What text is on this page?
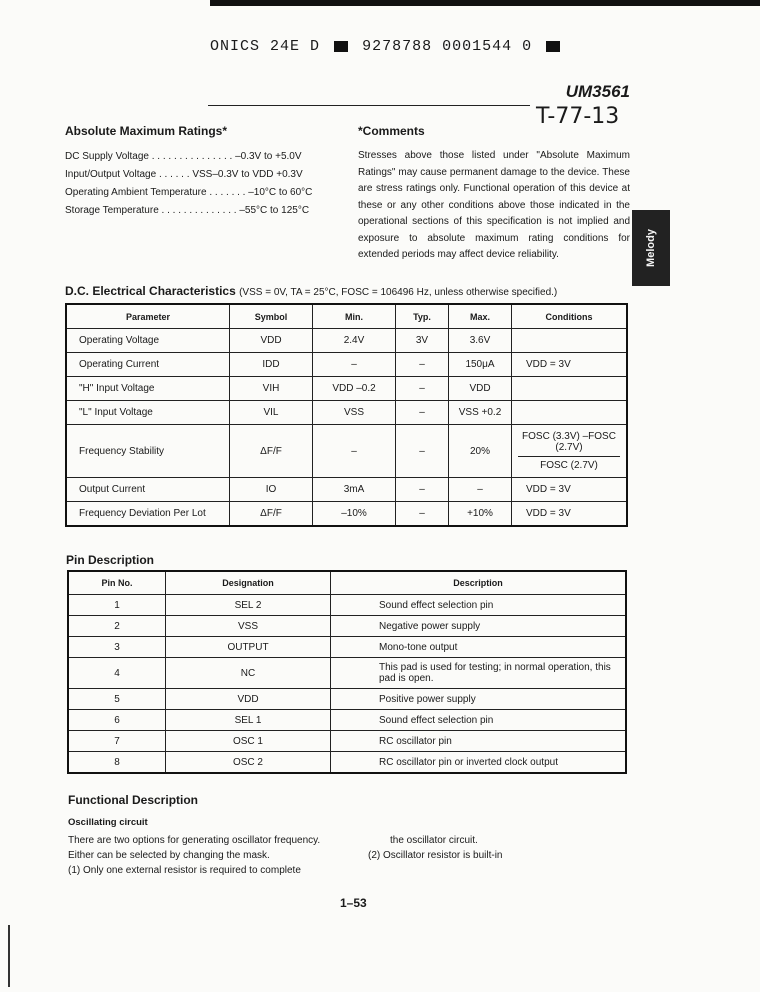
ONICS 24E D	9278788 0001544 0
UM3561
T-77-13
Absolute Maximum Ratings*	*Comments
DC Supply Voltage . . . . . . . . . . . . . . . –0.3V to +5.0V
Input/Output Voltage . . . . . . VSS–0.3V to VDD +0.3V
Operating Ambient Temperature . . . . . . . –10°C to 60°C
Storage Temperature . . . . . . . . . . . . . . –55°C to 125°C
Stresses above those listed under "Absolute Maximum Ratings" may cause permanent damage to the device. These are stress ratings only. Functional operation of this device at these or any other conditions above those indicated in the operational sections of this specification is not implied and exposure to absolute maximum rating conditions for extended periods may affect device reliability.	Melody
D.C. Electrical Characteristics (VSS = 0V, TA = 25°C, FOSC = 106496 Hz, unless otherwise specified.)
Parameter	Symbol	Min.	Typ.	Max.	Conditions
Operating Voltage	VDD	2.4V	3V	3.6V	
Operating Current	IDD	–	–	150μA	VDD = 3V
"H" Input Voltage	VIH	VDD –0.2	–	VDD	
"L" Input Voltage	VIL	VSS	–	VSS +0.2	
Frequency Stability	ΔF/F	–	–	20%	$\frac{\text{FOSC (3.3V) –FOSC (2.7V)}}{\text{FOSC (2.7V)}}$

Output Current	IO	3mA	–	–	VDD = 3V
Frequency Deviation Per Lot	ΔF/F	–10%	–	+10%	VDD = 3V
Pin Description
Pin No.	Designation	Description
1	SEL 2	Sound effect selection pin
2	VSS	Negative power supply
3	OUTPUT	Mono-tone output
4	NC	This pad is used for testing; in normal operation, this pad is open.
5	VDD	Positive power supply
6	SEL 1	Sound effect selection pin
7	OSC 1	RC oscillator pin
8	OSC 2	RC oscillator pin or inverted clock output
Functional Description
Oscillating circuit
There are two options for generating oscillator frequency.
Either can be selected by changing the mask.
(1) Only one external resistor is required to complete
the oscillator circuit.
(2) Oscillator resistor is built-in
1–53
